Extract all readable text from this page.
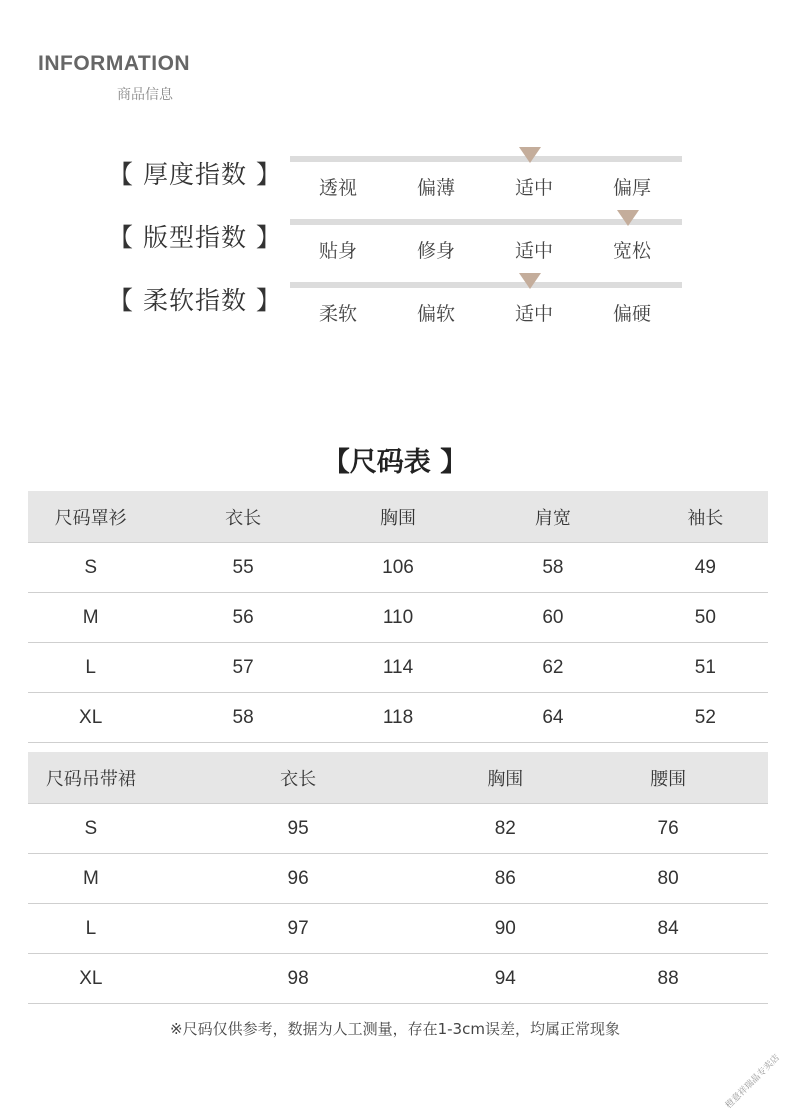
INFORMATION
商品信息
【 厚度指数 】	透视	偏薄	适中	偏厚
【 版型指数 】	贴身	修身	适中	宽松
【 柔软指数 】	柔软	偏软	适中	偏硬
【尺码表 】
尺码罩衫	衣长	胸围	肩宽	袖长
S	55	106	58	49
M	56	110	60	50
L	57	114	62	51
XL	58	118	64	52
尺码吊带裙	衣长	胸围	腰围
S	95	82	76
M	96	86	80
L	97	90	84
XL	98	94	88
※尺码仅供参考，数据为人工测量，存在1-3cm误差，均属正常现象
橙意祥瑞晶专卖店
